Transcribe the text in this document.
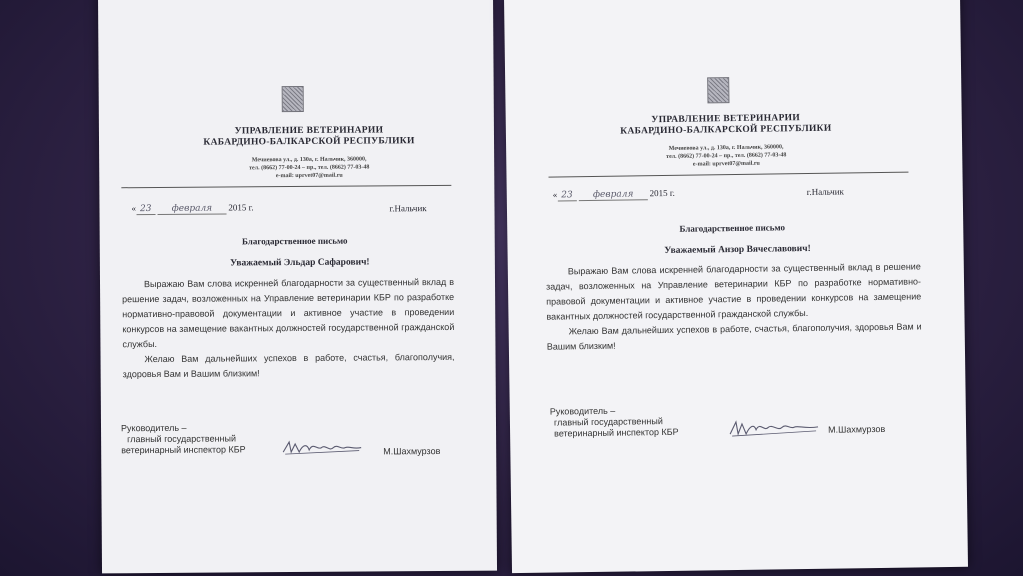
УПРАВЛЕНИЕ ВЕТЕРИНАРИИ
КАБАРДИНО-БАЛКАРСКОЙ РЕСПУБЛИКИ
Мечиевова ул., д. 130а, г. Нальчик, 360000,
тел. (8662) 77-00-24 – пр., тел. (8662) 77-03-48
e-mail: uprvet07@mail.ru
« 23 февраля 2015 г.	г.Нальчик
Благодарственное письмо
Уважаемый Эльдар Сафарович!

Выражаю Вам слова искренней благодарности за существенный вклад в решение задач, возложенных на Управление ветеринарии КБР по разработке нормативно-правовой документации и активное участие в проведении конкурсов на замещение вакантных должностей государственной гражданской службы.

Желаю Вам дальнейших успехов в работе, счастья, благополучия, здоровья Вам и Вашим близким!

Руководитель –
главный государственный
ветеринарный инспектор КБР	М.Шахмурзов
УПРАВЛЕНИЕ ВЕТЕРИНАРИИ
КАБАРДИНО-БАЛКАРСКОЙ РЕСПУБЛИКИ
Мечиевова ул., д. 130а, г. Нальчик, 360000,
тел. (8662) 77-00-24 – пр., тел. (8662) 77-03-48
e-mail: uprvet07@mail.ru
« 23 февраля 2015 г.	г.Нальчик
Благодарственное письмо
Уважаемый Анзор Вячеславович!

Выражаю Вам слова искренней благодарности за существенный вклад в решение задач, возложенных на Управление ветеринарии КБР по разработке нормативно-правовой документации и активное участие в проведении конкурсов на замещение вакантных должностей государственной гражданской службы.

Желаю Вам дальнейших успехов в работе, счастья, благополучия, здоровья Вам и Вашим близким!

Руководитель –
главный государственный
ветеринарный инспектор КБР	М.Шахмурзов
